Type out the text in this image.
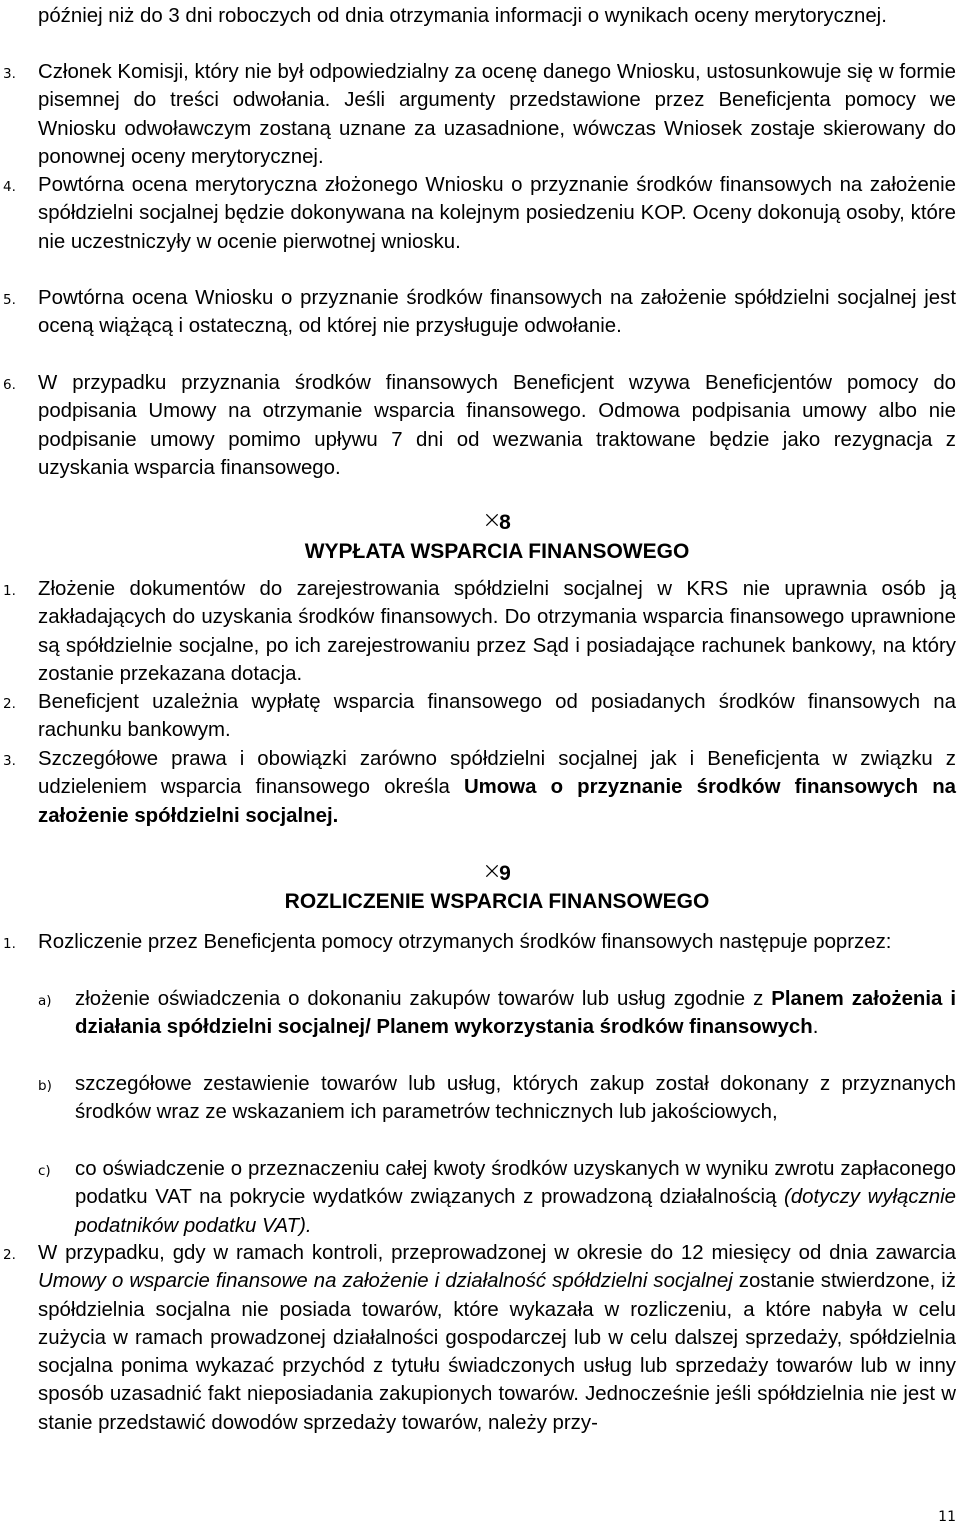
później niż do 3 dni roboczych od dnia otrzymania informacji o wynikach oceny merytorycznej.
3.	Członek Komisji, który nie był odpowiedzialny za ocenę danego Wniosku, ustosunkowuje się w formie pisemnej do treści odwołania. Jeśli argumenty przedstawione przez Beneficjenta pomocy we Wniosku odwoławczym zostaną uznane za uzasadnione, wówczas Wniosek zostaje skierowany do ponownej oceny merytorycznej.
4.	Powtórna ocena merytoryczna złożonego Wniosku o przyznanie środków finansowych na założenie spółdzielni socjalnej będzie dokonywana na kolejnym posiedzeniu KOP. Oceny dokonują osoby, które nie uczestniczyły w ocenie pierwotnej wniosku.
5.	Powtórna ocena Wniosku o przyznanie środków finansowych na założenie spółdzielni socjalnej jest oceną wiążącą i ostateczną, od której nie przysługuje odwołanie.
6.	W przypadku przyznania środków finansowych Beneficjent wzywa Beneficjentów pomocy do podpisania Umowy na otrzymanie wsparcia finansowego. Odmowa podpisania umowy albo nie podpisanie umowy pomimo upływu 7 dni od wezwania traktowane będzie jako rezygnacja z uzyskania wsparcia finansowego.
8
WYPŁATA WSPARCIA FINANSOWEGO
1.	Złożenie dokumentów do zarejestrowania spółdzielni socjalnej w KRS nie uprawnia osób ją zakładających do uzyskania środków finansowych. Do otrzymania wsparcia finansowego uprawnione są spółdzielnie socjalne, po ich zarejestrowaniu przez Sąd i posiadające rachunek bankowy, na który zostanie przekazana dotacja.
2.	Beneficjent uzależnia wypłatę wsparcia finansowego od posiadanych środków finansowych na rachunku bankowym.
3.	Szczegółowe prawa i obowiązki zarówno spółdzielni socjalnej jak i Beneficjenta w związku z udzieleniem wsparcia finansowego określa Umowa o przyznanie środków finansowych na założenie spółdzielni socjalnej.
9
ROZLICZENIE WSPARCIA FINANSOWEGO
1.	Rozliczenie przez Beneficjenta pomocy otrzymanych środków finansowych następuje poprzez:
a)	złożenie oświadczenia o dokonaniu zakupów towarów lub usług zgodnie z Planem założenia i działania spółdzielni socjalnej/ Planem wykorzystania środków finansowych.
b)	szczegółowe zestawienie towarów lub usług, których zakup został dokonany z przyznanych środków wraz ze wskazaniem ich parametrów technicznych lub jakościowych,
c)	co oświadczenie o przeznaczeniu całej kwoty środków uzyskanych w wyniku zwrotu zapłaconego podatku VAT na pokrycie wydatków związanych z prowadzoną działalnością (dotyczy wyłącznie podatników podatku VAT).
2.	W przypadku, gdy w ramach kontroli, przeprowadzonej w okresie do 12 miesięcy od dnia zawarcia Umowy o wsparcie finansowe na założenie i działalność spółdzielni socjalnej zostanie stwierdzone, iż spółdzielnia socjalna nie posiada towarów, które wykazała w rozliczeniu, a które nabyła w celu zużycia w ramach prowadzonej działalności gospodarczej lub w celu dalszej sprzedaży, spółdzielnia socjalna ponima wykazać przychód z tytułu świadczonych usług lub sprzedaży towarów lub w inny sposób uzasadnić fakt nieposiadania zakupionych towarów. Jednocześnie jeśli spółdzielnia nie jest w stanie przedstawić dowodów sprzedaży towarów, należy przy-
11
